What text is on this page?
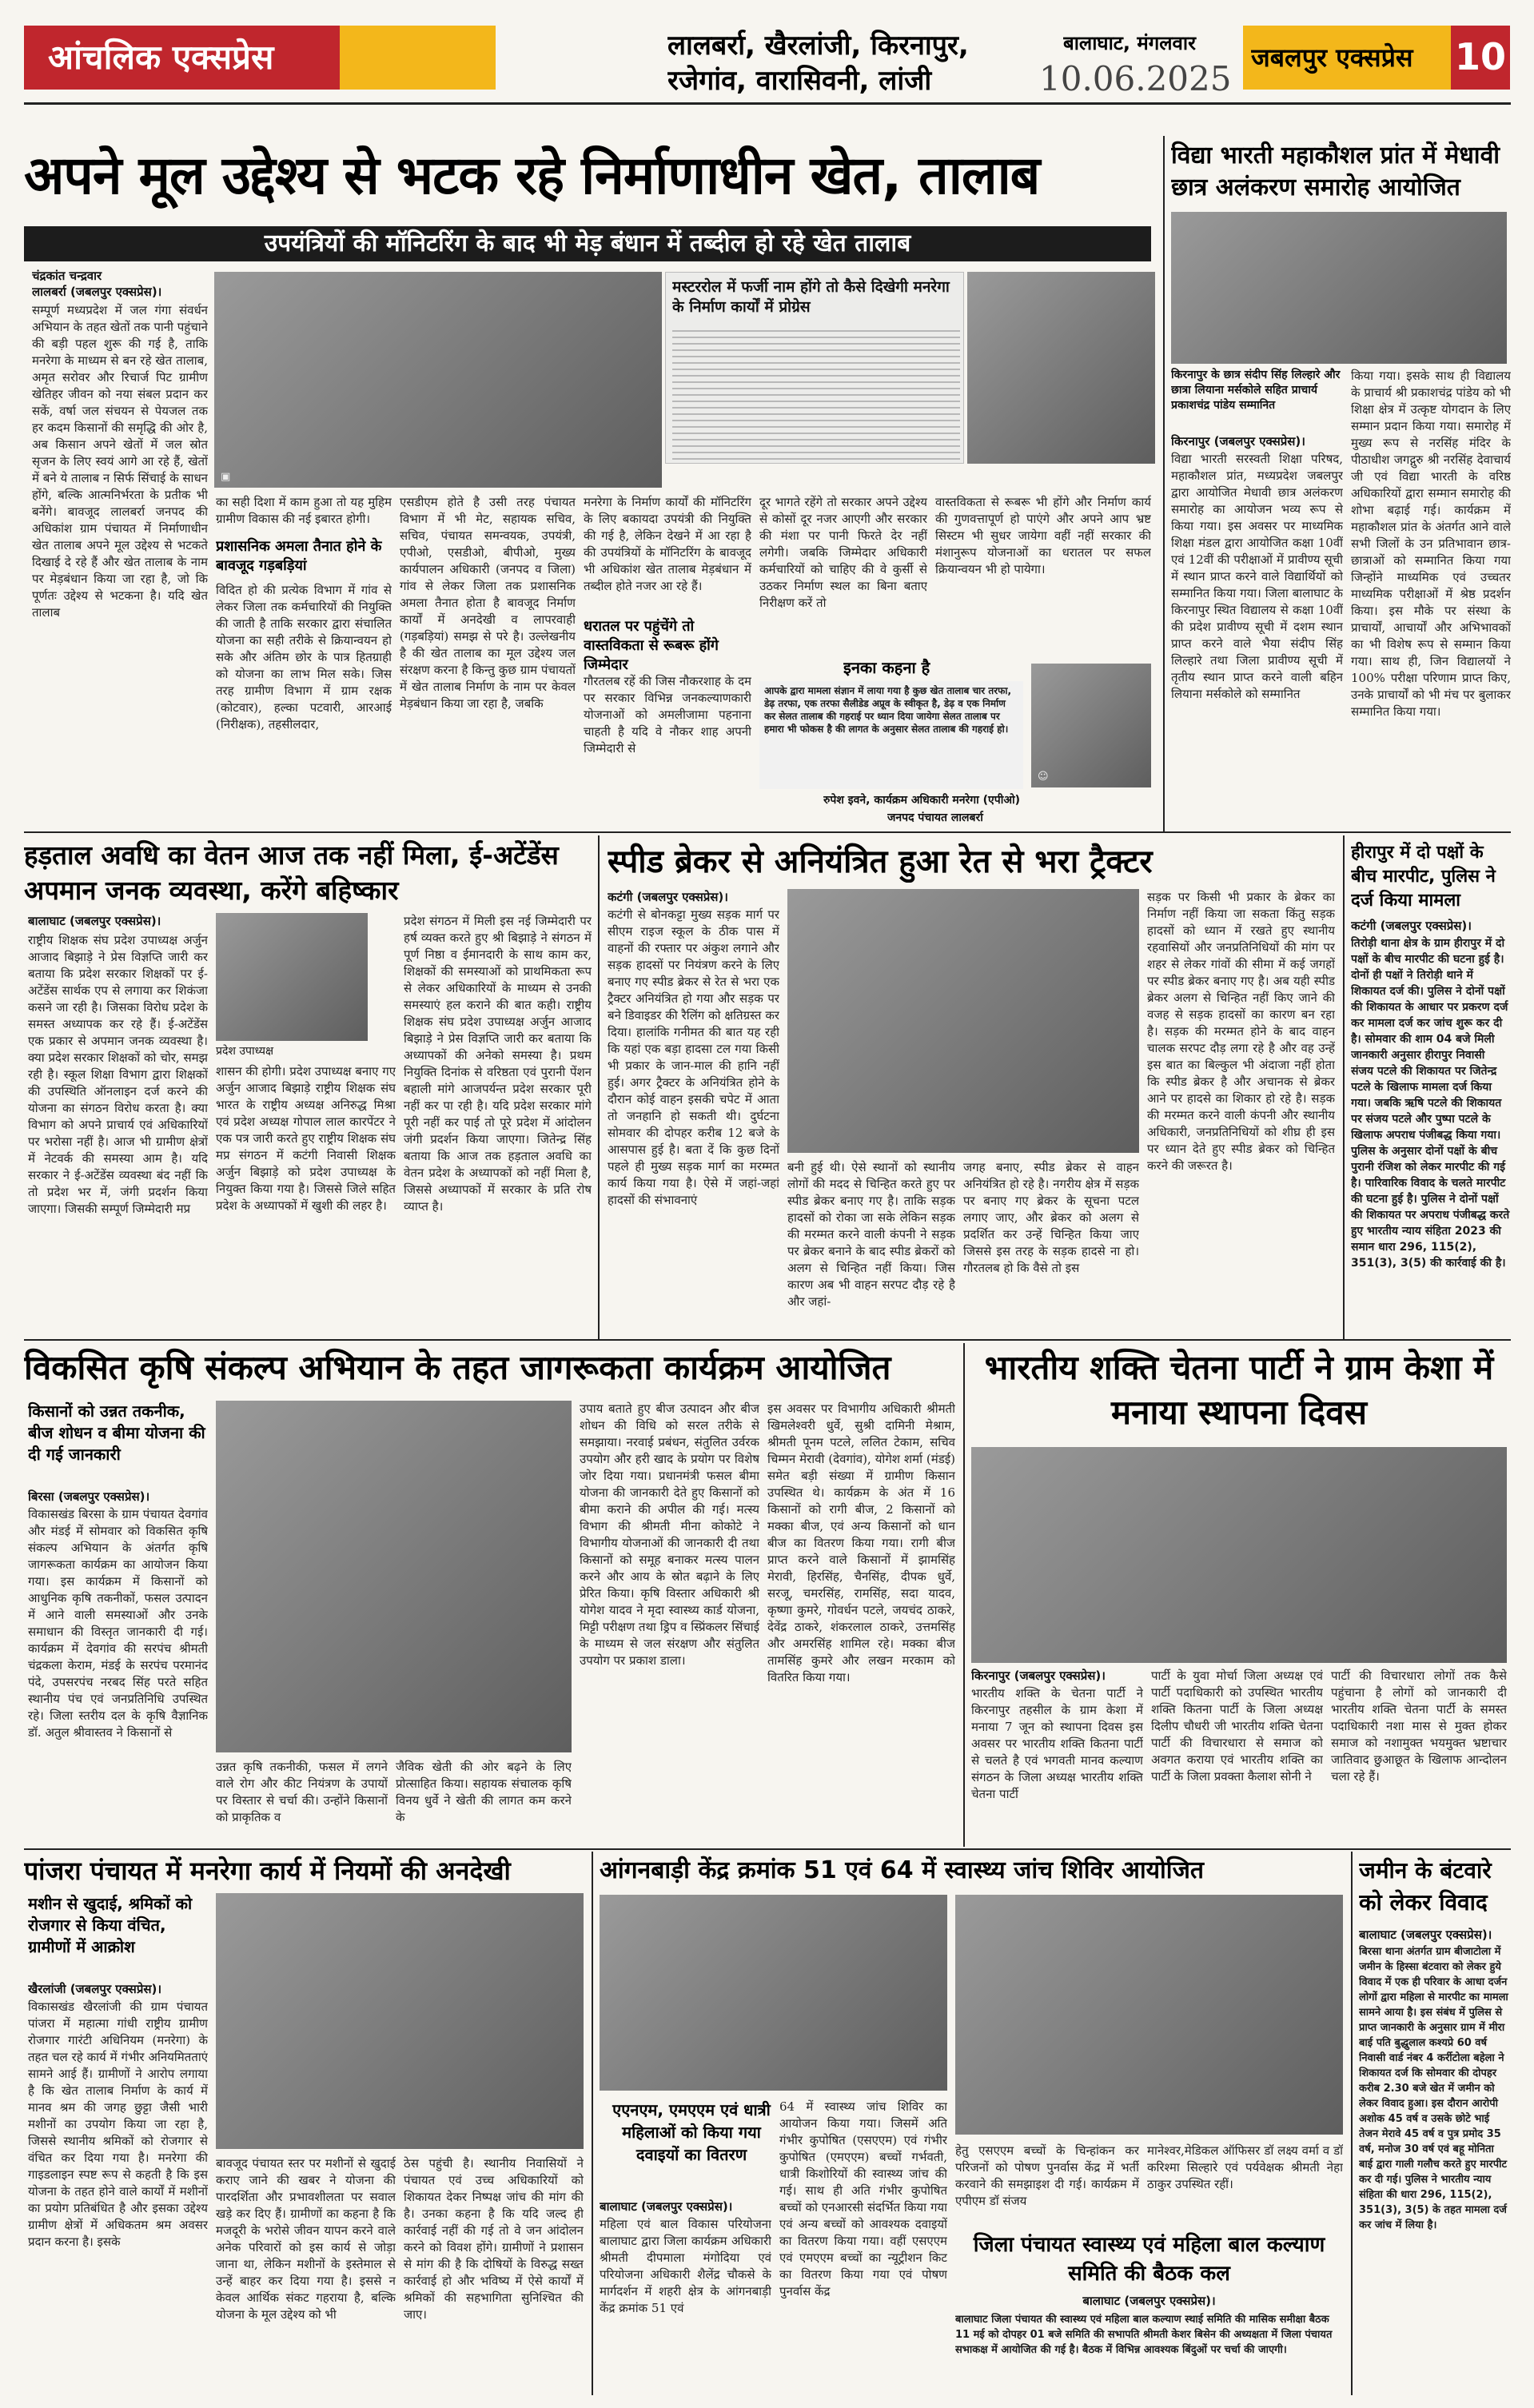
आंचलिक एक्सप्रेस	लालबर्रा, खैरलांजी, किरनापुर,
रजेगांव, वारासिवनी, लांजी
बालाघाट, मंगलवार
10.06.2025
जबलपुर एक्सप्रेस	10
अपने मूल उद्देश्य से भटक रहे निर्माणाधीन खेत, तालाब
उपयंत्रियों की मॉनिटरिंग के बाद भी मेड़ बंधान में तब्दील हो रहे खेत तालाब
चंद्रकांत चन्द्रवार
लालबर्रा (जबलपुर एक्सप्रेस)।
▣
मस्टररोल में फर्जी नाम होंगे तो कैसे दिखेगी मनरेगा के निर्माण कार्यों में प्रोग्रेस
सम्पूर्ण मध्यप्रदेश में जल गंगा संवर्धन अभियान के तहत खेतों तक पानी पहुंचाने की बड़ी पहल शुरू की गई है, ताकि मनरेगा के माध्यम से बन रहे खेत तालाब, अमृत सरोवर और रिचार्ज पिट ग्रामीण खेतिहर जीवन को नया संबल प्रदान कर सकें, वर्षा जल संचयन से पेयजल तक हर कदम किसानों की समृद्धि की ओर है, अब किसान अपने खेतों में जल स्रोत सृजन के लिए स्वयं आगे आ रहे हैं, खेतों में बने ये तालाब न सिर्फ सिंचाई के साधन होंगे, बल्कि आत्मनिर्भरता के प्रतीक भी बनेंगे। बावजूद लालबर्रा जनपद की अधिकांश ग्राम पंचायत में निर्माणाधीन खेत तालाब अपने मूल उद्देश्य से भटकते दिखाई दे रहे हैं और खेत तालाब के नाम पर मेड़बंधान किया जा रहा है, जो कि पूर्णतः उद्देश्य से भटकना है। यदि खेत तालाब
का सही दिशा में काम हुआ तो यह मुहिम ग्रामीण विकास की नई इबारत होगी।
प्रशासनिक अमला तैनात होने के बावजूद गड़बड़ियां
विदित हो की प्रत्येक विभाग में गांव से लेकर जिला तक कर्मचारियों की नियुक्ति की जाती है ताकि सरकार द्वारा संचालित योजना का सही तरीके से क्रियान्वयन हो सके और अंतिम छोर के पात्र हितग्राही को योजना का लाभ मिल सके। जिस तरह ग्रामीण विभाग में ग्राम रक्षक (कोटवार), हल्का पटवारी, आरआई (निरीक्षक), तहसीलदार,
एसडीएम होते है उसी तरह पंचायत विभाग में भी मेट, सहायक सचिव, सचिव, पंचायत समन्वयक, उपयंत्री, एपीओ, एसडीओ, बीपीओ, मुख्य कार्यपालन अधिकारी (जनपद व जिला) गांव से लेकर जिला तक प्रशासनिक अमला तैनात होता है बावजूद निर्माण कार्यों में अनदेखी व लापरवाही (गड़बड़ियां) समझ से परे है। उल्लेखनीय है की खेत तालाब का मूल उद्देश्य जल संरक्षण करना है किन्तु कुछ ग्राम पंचायतों में खेत तालाब निर्माण के नाम पर केवल मेड़बंधान किया जा रहा है, जबकि
मनरेगा के निर्माण कार्यों की मॉनिटरिंग के लिए बकायदा उपयंत्री की नियुक्ति की गई है, लेकिन देखने में आ रहा है की उपयंत्रियों के मॉनिटरिंग के बावजूद भी अधिकांश खेत तालाब मेड़बंधान में तब्दील होते नजर आ रहे हैं।
धरातल पर पहुंचेंगे तो वास्तविकता से रूबरू होंगे जिम्मेदार
गौरतलब रहें की जिस नौकरशाह के दम पर सरकार विभिन्न जनकल्याणकारी योजनाओं को अमलीजामा पहनाना चाहती है यदि वे नौकर शाह अपनी जिम्मेदारी से
दूर भागते रहेंगे तो सरकार अपने उद्देश्य से कोसों दूर नजर आएगी और सरकार की मंशा पर पानी फिरते देर नहीं लगेगी। जबकि जिम्मेदार अधिकारी कर्मचारियों को चाहिए की वे कुर्सी से उठकर निर्माण स्थल का बिना बताए निरीक्षण करें तो
वास्तविकता से रूबरू भी होंगे और निर्माण कार्य की गुणवत्तापूर्ण हो पाएंगे और अपने आप भ्रष्ट सिस्टम भी सुधर जायेगा वहीं नहीं सरकार की मंशानुरूप योजनाओं का धरातल पर सफल क्रियान्वयन भी हो पायेगा।
इनका कहना है
आपके द्वारा मामला संज्ञान में लाया गया है कुछ खेत तालाब चार तरफा, डेढ़ तरफा, एक तरफा सैलीडेड अप्रूव के स्वीकृत है, डेढ़ व एक निर्माण कर सेलत तालाब की गहराई पर ध्यान दिया जायेगा सेलत तालाब पर हमारा भी फोकस है की लागत के अनुसार सेलत तालाब की गहराई हो।
☺
रुपेश इवने, कार्यक्रम अधिकारी मनरेगा (एपीओ)
जनपद पंचायत लालबर्रा
विद्या भारती महाकौशल प्रांत में मेधावी छात्र अलंकरण समारोह आयोजित
किरनापुर के छात्र संदीप सिंह लिल्हारे और छात्रा लियाना मर्सकोले सहित प्राचार्य प्रकाशचंद्र पांडेय सम्मानित
किरनापुर (जबलपुर एक्सप्रेस)।
विद्या भारती सरस्वती शिक्षा परिषद, महाकौशल प्रांत, मध्यप्रदेश जबलपुर द्वारा आयोजित मेधावी छात्र अलंकरण समारोह का आयोजन भव्य रूप से किया गया। इस अवसर पर माध्यमिक शिक्षा मंडल द्वारा आयोजित कक्षा 10वीं एवं 12वीं की परीक्षाओं में प्रावीण्य सूची में स्थान प्राप्त करने वाले विद्यार्थियों को सम्मानित किया गया। जिला बालाघाट के किरनापुर स्थित विद्यालय से कक्षा 10वीं की प्रदेश प्रावीण्य सूची में दशम स्थान प्राप्त करने वाले भैया संदीप सिंह लिल्हारे तथा जिला प्रावीण्य सूची में तृतीय स्थान प्राप्त करने वाली बहिन लियाना मर्सकोले को सम्मानित
किया गया। इसके साथ ही विद्यालय के प्राचार्य श्री प्रकाशचंद्र पांडेय को भी शिक्षा क्षेत्र में उत्कृष्ट योगदान के लिए सम्मान प्रदान किया गया। समारोह में मुख्य रूप से नरसिंह मंदिर के पीठाधीश जगद्गुरु श्री नरसिंह देवाचार्य जी एवं विद्या भारती के वरिष्ठ अधिकारियों द्वारा सम्मान समारोह की शोभा बढ़ाई गई। कार्यक्रम में महाकौशल प्रांत के अंतर्गत आने वाले सभी जिलों के उन प्रतिभावान छात्र-छात्राओं को सम्मानित किया गया जिन्होंने माध्यमिक एवं उच्चतर माध्यमिक परीक्षाओं में श्रेष्ठ प्रदर्शन किया। इस मौके पर संस्था के प्राचार्यों, आचार्यों और अभिभावकों का भी विशेष रूप से सम्मान किया गया। साथ ही, जिन विद्यालयों ने 100% परीक्षा परिणाम प्राप्त किए, उनके प्राचार्यों को भी मंच पर बुलाकर सम्मानित किया गया।
हड़ताल अवधि का वेतन आज तक नहीं मिला, ई-अटेंडेंस अपमान जनक व्यवस्था, करेंगे बहिष्कार
बालाघाट (जबलपुर एक्सप्रेस)।
प्रदेश उपाध्यक्ष
राष्ट्रीय शिक्षक संघ प्रदेश उपाध्यक्ष अर्जुन आजाद बिझाड़े ने प्रेस विज्ञप्ति जारी कर बताया कि प्रदेश सरकार शिक्षकों पर ई-अटेंडेंस सार्थक एप से लगाया कर शिकंजा कसने जा रही है। जिसका विरोध प्रदेश के समस्त अध्यापक कर रहे हैं। ई-अटेंडेंस एक प्रकार से अपमान जनक व्यवस्था है। क्या प्रदेश सरकार शिक्षकों को चोर, समझ रही है। स्कूल शिक्षा विभाग द्वारा शिक्षकों की उपस्थिति ऑनलाइन दर्ज करने की योजना का संगठन विरोध करता है। क्या विभाग को अपने प्राचार्य एवं अधिकारियों पर भरोसा नहीं है। आज भी ग्रामीण क्षेत्रों में नेटवर्क की समस्या आम है। यदि सरकार ने ई-अटेंडेंस व्यवस्था बंद नहीं कि तो प्रदेश भर में, जंगी प्रदर्शन किया जाएगा। जिसकी सम्पूर्ण जिम्मेदारी मप्र
शासन की होगी। प्रदेश उपाध्यक्ष बनाए गए अर्जुन आजाद बिझाड़े राष्ट्रीय शिक्षक संघ भारत के राष्ट्रीय अध्यक्ष अनिरुद्ध मिश्रा एवं प्रदेश अध्यक्ष गोपाल लाल कारपेंटर ने एक पत्र जारी करते हुए राष्ट्रीय शिक्षक संघ मप्र संगठन में कटंगी निवासी शिक्षक अर्जुन बिझाड़े को प्रदेश उपाध्यक्ष के नियुक्त किया गया है। जिससे जिले सहित प्रदेश के अध्यापकों में खुशी की लहर है।
प्रदेश संगठन में मिली इस नई जिम्मेदारी पर हर्ष व्यक्त करते हुए श्री बिझाड़े ने संगठन में पूर्ण निष्ठा व ईमानदारी के साथ काम कर, शिक्षकों की समस्याओं को प्राथमिकता रूप से लेकर अधिकारियों के माध्यम से उनकी समस्याएं हल कराने की बात कही। राष्ट्रीय शिक्षक संघ प्रदेश उपाध्यक्ष अर्जुन आजाद बिझाड़े ने प्रेस विज्ञप्ति जारी कर बताया कि अध्यापकों की अनेको समस्या है। प्रथम नियुक्ति दिनांक से वरिष्ठता एवं पुरानी पेंशन बहाली मांगे आजपर्यन्त प्रदेश सरकार पूरी नहीं कर पा रही है। यदि प्रदेश सरकार मांगे पूरी नहीं कर पाई तो पूरे प्रदेश में आंदोलन जंगी प्रदर्शन किया जाएगा। जितेन्द्र सिंह बताया कि आज तक हड़ताल अवधि का वेतन प्रदेश के अध्यापकों को नहीं मिला है, जिससे अध्यापकों में सरकार के प्रति रोष व्याप्त है।
स्पीड ब्रेकर से अनियंत्रित हुआ रेत से भरा ट्रैक्टर
कटंगी (जबलपुर एक्सप्रेस)।
कटंगी से बोनकट्टा मुख्य सड़क मार्ग पर सीएम राइज स्कूल के ठीक पास में वाहनों की रफ्तार पर अंकुश लगाने और सड़क हादसों पर नियंत्रण करने के लिए बनाए गए स्पीड ब्रेकर से रेत से भरा एक ट्रैक्टर अनियंत्रित हो गया और सड़क पर बने डिवाइडर की रैलिंग को क्षतिग्रस्त कर दिया। हालांकि गनीमत की बात यह रही कि यहां एक बड़ा हादसा टल गया किसी भी प्रकार के जान-माल की हानि नहीं हुई। अगर ट्रैक्टर के अनियंत्रित होने के दौरान कोई वाहन इसकी चपेट में आता तो जनहानि हो सकती थी। दुर्घटना सोमवार की दोपहर करीब 12 बजे के आसपास हुई है। बता दें कि कुछ दिनों पहले ही मुख्य सड़क मार्ग का मरम्मत कार्य किया गया है। ऐसे में जहां-जहां हादसों की संभावनाएं
बनी हुई थी। ऐसे स्थानों को स्थानीय लोगों की मदद से चिन्हित करते हुए पर स्पीड ब्रेकर बनाए गए है। ताकि सड़क हादसों को रोका जा सके लेकिन सड़क की मरम्मत करने वाली कंपनी ने सड़क पर ब्रेकर बनाने के बाद स्पीड ब्रेकरों को अलग से चिन्हित नहीं किया। जिस कारण अब भी वाहन सरपट दौड़ रहे है और जहां-
जगह बनाए, स्पीड ब्रेकर से वाहन अनियंत्रित हो रहे है। नगरीय क्षेत्र में सड़क पर बनाए गए ब्रेकर के सूचना पटल लगाए जाए, और ब्रेकर को अलग से प्रदर्शित कर उन्हें चिन्हित किया जाए जिससे इस तरह के सड़क हादसे ना हो। गौरतलब हो कि वैसे तो इस
सड़क पर किसी भी प्रकार के ब्रेकर का निर्माण नहीं किया जा सकता किंतु सड़क हादसों को ध्यान में रखते हुए स्थानीय रहवासियों और जनप्रतिनिधियों की मांग पर शहर से लेकर गांवों की सीमा में कई जगहों पर स्पीड ब्रेकर बनाए गए है। अब यही स्पीड ब्रेकर अलग से चिन्हित नहीं किए जाने की वजह से सड़क हादसों का कारण बन रहा है। सड़क की मरम्मत होने के बाद वाहन चालक सरपट दौड़ लगा रहे है और वह उन्हें इस बात का बिल्कुल भी अंदाजा नहीं होता कि स्पीड ब्रेकर है और अचानक से ब्रेकर आने पर हादसे का शिकार हो रहे है। सड़क की मरम्मत करने वाली कंपनी और स्थानीय अधिकारी, जनप्रतिनिधियों को शीघ्र ही इस पर ध्यान देते हुए स्पीड ब्रेकर को चिन्हित करने की जरूरत है।
हीरापुर में दो पक्षों के बीच मारपीट, पुलिस ने दर्ज किया मामला
कटंगी (जबलपुर एक्सप्रेस)।
तिरोड़ी थाना क्षेत्र के ग्राम हीरापुर में दो पक्षों के बीच मारपीट की घटना हुई है। दोनों ही पक्षों ने तिरोड़ी थाने में शिकायत दर्ज की। पुलिस ने दोनों पक्षों की शिकायत के आधार पर प्रकरण दर्ज कर मामला दर्ज कर जांच शुरू कर दी है। सोमवार की शाम 04 बजे मिली जानकारी अनुसार हीरापुर निवासी संजय पटले की शिकायत पर जितेन्द्र पटले के खिलाफ मामला दर्ज किया गया। जबकि ऋषि पटले की शिकायत पर संजय पटले और पुष्पा पटले के खिलाफ अपराध पंजीबद्ध किया गया। पुलिस के अनुसार दोनों पक्षों के बीच पुरानी रंजिश को लेकर मारपीट की गई है। पारिवारिक विवाद के चलते मारपीट की घटना हुई है। पुलिस ने दोनों पक्षों की शिकायत पर अपराध पंजीबद्ध करते हुए भारतीय न्याय संहिता 2023 की समान धारा 296, 115(2), 351(3), 3(5) की कार्रवाई की है।
विकसित कृषि संकल्प अभियान के तहत जागरूकता कार्यक्रम आयोजित
किसानों को उन्नत तकनीक, बीज शोधन व बीमा योजना की दी गई जानकारी
बिरसा (जबलपुर एक्सप्रेस)।
विकासखंड बिरसा के ग्राम पंचायत देवगांव और मंडई में सोमवार को विकसित कृषि संकल्प अभियान के अंतर्गत कृषि जागरूकता कार्यक्रम का आयोजन किया गया। इस कार्यक्रम में किसानों को आधुनिक कृषि तकनीकों, फसल उत्पादन में आने वाली समस्याओं और उनके समाधान की विस्तृत जानकारी दी गई। कार्यक्रम में देवगांव की सरपंच श्रीमती चंद्रकला केराम, मंडई के सरपंच परमानंद पंदे, उपसरपंच नरबद सिंह परते सहित स्थानीय पंच एवं जनप्रतिनिधि उपस्थित रहे। जिला स्तरीय दल के कृषि वैज्ञानिक डॉ. अतुल श्रीवास्तव ने किसानों से
उन्नत कृषि तकनीकी, फसल में लगने वाले रोग और कीट नियंत्रण के उपायों पर विस्तार से चर्चा की। उन्होंने किसानों को प्राकृतिक व
जैविक खेती की ओर बढ़ने के लिए प्रोत्साहित किया। सहायक संचालक कृषि विनय धुर्वे ने खेती की लागत कम करने के
उपाय बताते हुए बीज उत्पादन और बीज शोधन की विधि को सरल तरीके से समझाया। नरवाई प्रबंधन, संतुलित उर्वरक उपयोग और हरी खाद के प्रयोग पर विशेष जोर दिया गया। प्रधानमंत्री फसल बीमा योजना की जानकारी देते हुए किसानों को बीमा कराने की अपील की गई। मत्स्य विभाग की श्रीमती मीना कोकोटे ने विभागीय योजनाओं की जानकारी दी तथा किसानों को समूह बनाकर मत्स्य पालन करने और आय के स्रोत बढ़ाने के लिए प्रेरित किया। कृषि विस्तार अधिकारी श्री योगेश यादव ने मृदा स्वास्थ्य कार्ड योजना, मिट्टी परीक्षण तथा ड्रिप व स्प्रिंकलर सिंचाई के माध्यम से जल संरक्षण और संतुलित उपयोग पर प्रकाश डाला।
इस अवसर पर विभागीय अधिकारी श्रीमती खिमलेश्वरी धुर्वे, सुश्री दामिनी मेश्राम, श्रीमती पूनम पटले, ललित टेकाम, सचिव चिम्मन मेरावी (देवगांव), योगेश शर्मा (मंडई) समेत बड़ी संख्या में ग्रामीण किसान उपस्थित थे। कार्यक्रम के अंत में 16 किसानों को रागी बीज, 2 किसानों को मक्का बीज, एवं अन्य किसानों को धान बीज का वितरण किया गया। रागी बीज प्राप्त करने वाले किसानों में झामसिंह मेरावी, हिरसिंह, चैनसिंह, दीपक धुर्वे, सरजू, चमरसिंह, रामसिंह, सदा यादव, कृष्णा कुमरे, गोवर्धन पटले, जयचंद ठाकरे, देवेंद्र ठाकरे, शंकरलाल ठाकरे, उत्तमसिंह और अमरसिंह शामिल रहे। मक्का बीज तामसिंह कुमरे और लखन मरकाम को वितरित किया गया।
भारतीय शक्ति चेतना पार्टी ने ग्राम केशा में मनाया स्थापना दिवस
किरनापुर (जबलपुर एक्सप्रेस)।
भारतीय शक्ति के चेतना पार्टी ने किरनापुर तहसील के ग्राम केशा में मनाया 7 जून को स्थापना दिवस इस अवसर पर भारतीय शक्ति कितना पार्टी से चलते है एवं भगवती मानव कल्याण संगठन के जिला अध्यक्ष भारतीय शक्ति चेतना पार्टी
पार्टी के युवा मोर्चा जिला अध्यक्ष एवं पार्टी पदाधिकारी को उपस्थित भारतीय शक्ति कितना पार्टी के जिला अध्यक्ष दिलीप चौधरी जी भारतीय शक्ति चेतना पार्टी की विचारधारा से समाज को अवगत कराया एवं भारतीय शक्ति का पार्टी के जिला प्रवक्ता कैलाश सोनी ने
पार्टी की विचारधारा लोगों तक कैसे पहुंचाना है लोगों को जानकारी दी भारतीय शक्ति चेतना पार्टी के समस्त पदाधिकारी नशा मास से मुक्त होकर समाज को नशामुक्त भयमुक्त भ्रष्टाचार जातिवाद छुआछूत के खिलाफ आन्दोलन चला रहे हैं।
पांजरा पंचायत में मनरेगा कार्य में नियमों की अनदेखी
मशीन से खुदाई, श्रमिकों को रोजगार से किया वंचित, ग्रामीणों में आक्रोश
खैरलांजी (जबलपुर एक्सप्रेस)।
विकासखंड खैरलांजी की ग्राम पंचायत पांजरा में महात्मा गांधी राष्ट्रीय ग्रामीण रोजगार गारंटी अधिनियम (मनरेगा) के तहत चल रहे कार्य में गंभीर अनियमितताएं सामने आई हैं। ग्रामीणों ने आरोप लगाया है कि खेत तालाब निर्माण के कार्य में मानव श्रम की जगह छुट्टा जैसी भारी मशीनों का उपयोग किया जा रहा है, जिससे स्थानीय श्रमिकों को रोजगार से वंचित कर दिया गया है। मनरेगा की गाइडलाइन स्पष्ट रूप से कहती है कि इस योजना के तहत होने वाले कार्यों में मशीनों का प्रयोग प्रतिबंधित है और इसका उद्देश्य ग्रामीण क्षेत्रों में अधिकतम श्रम अवसर प्रदान करना है। इसके
बावजूद पंचायत स्तर पर मशीनों से खुदाई कराए जाने की खबर ने योजना की पारदर्शिता और प्रभावशीलता पर सवाल खड़े कर दिए हैं। ग्रामीणों का कहना है कि मजदूरी के भरोसे जीवन यापन करने वाले अनेक परिवारों को इस कार्य से जोड़ा जाना था, लेकिन मशीनों के इस्तेमाल से उन्हें बाहर कर दिया गया है। इससे न केवल आर्थिक संकट गहराया है, बल्कि योजना के मूल उद्देश्य को भी
ठेस पहुंची है। स्थानीय निवासियों ने पंचायत एवं उच्च अधिकारियों को शिकायत देकर निष्पक्ष जांच की मांग की है। उनका कहना है कि यदि जल्द ही कार्रवाई नहीं की गई तो वे जन आंदोलन करने को विवश होंगे। ग्रामीणों ने प्रशासन से मांग की है कि दोषियों के विरुद्ध सख्त कार्रवाई हो और भविष्य में ऐसे कार्यों में श्रमिकों की सहभागिता सुनिश्चित की जाए।
आंगनबाड़ी केंद्र क्रमांक 51 एवं 64 में स्वास्थ्य जांच शिविर आयोजित
एएनएम, एमएएम एवं धात्री महिलाओं को किया गया दवाइयों का वितरण
बालाघाट (जबलपुर एक्सप्रेस)।
महिला एवं बाल विकास परियोजना बालाघाट द्वारा जिला कार्यक्रम अधिकारी श्रीमती दीपमाला मंगोदिया एवं परियोजना अधिकारी शैलेंद्र चौकसे के मार्गदर्शन में शहरी क्षेत्र के आंगनबाड़ी केंद्र क्रमांक 51 एवं
64 में स्वास्थ्य जांच शिविर का आयोजन किया गया। जिसमें अति गंभीर कुपोषित (एसएएम) एवं गंभीर कुपोषित (एमएएम) बच्चों गर्भवती, धात्री किशोरियों की स्वास्थ्य जांच की गई। साथ ही अति गंभीर कुपोषित बच्चों को एनआरसी संदर्भित किया गया एवं अन्य बच्चों को आवश्यक दवाइयों का वितरण किया गया। वहीं एसएएम एवं एमएएम बच्चों का न्यूट्रीशन किट का वितरण किया गया एवं पोषण पुनर्वास केंद्र
हेतु एसएएम बच्चों के चिन्हांकन कर परिजनों को पोषण पुनर्वास केंद्र में भर्ती करवाने की समझाइश दी गई। कार्यक्रम में एपीएम डॉ संजय
मानेश्वर,मेडिकल ऑफिसर डॉ लक्ष्य वर्मा व डॉ करिश्मा सिल्हारे एवं पर्यवेक्षक श्रीमती नेहा ठाकुर उपस्थित रहीं।
जिला पंचायत स्वास्थ्य एवं महिला बाल कल्याण समिति की बैठक कल
बालाघाट (जबलपुर एक्सप्रेस)।
बालाघाट जिला पंचायत की स्वास्थ्य एवं महिला बाल कल्याण स्थाई समिति की मासिक समीक्षा बैठक 11 मई को दोपहर 01 बजे समिति की सभापति श्रीमती केशर बिसेन की अध्यक्षता में जिला पंचायत सभाकक्ष में आयोजित की गई है। बैठक में विभिन्न आवश्यक बिंदुओं पर चर्चा की जाएगी।
जमीन के बंटवारे को लेकर विवाद
बालाघाट (जबलपुर एक्सप्रेस)।
बिरसा थाना अंतर्गत ग्राम बीजाटोला में जमीन के हिस्सा बंटवारा को लेकर हुये विवाद में एक ही परिवार के आधा दर्जन लोगों द्वारा महिला से मारपीट का मामला सामने आया है। इस संबंध में पुलिस से प्राप्त जानकारी के अनुसार ग्राम में मीरा बाई पति बुद्धुलाल कश्यप्रे 60 वर्ष निवासी वार्ड नंबर 4 कर्रीटोला बहेला ने शिकायत दर्ज कि सोमवार की दोपहर करीब 2.30 बजे खेत में जमीन को लेकर विवाद हुआ। इस दौरान आरोपी अशोक 45 वर्ष व उसके छोटे भाई तेजन मेरावे 45 वर्ष व पुत्र प्रमोद 35 वर्ष, मनोज 30 वर्ष एवं बहू मोनिता बाई द्वारा गाली गलौच करते हुए मारपीट कर दी गई। पुलिस ने भारतीय न्याय संहिता की धारा 296, 115(2), 351(3), 3(5) के तहत मामला दर्ज कर जांच में लिया है।
